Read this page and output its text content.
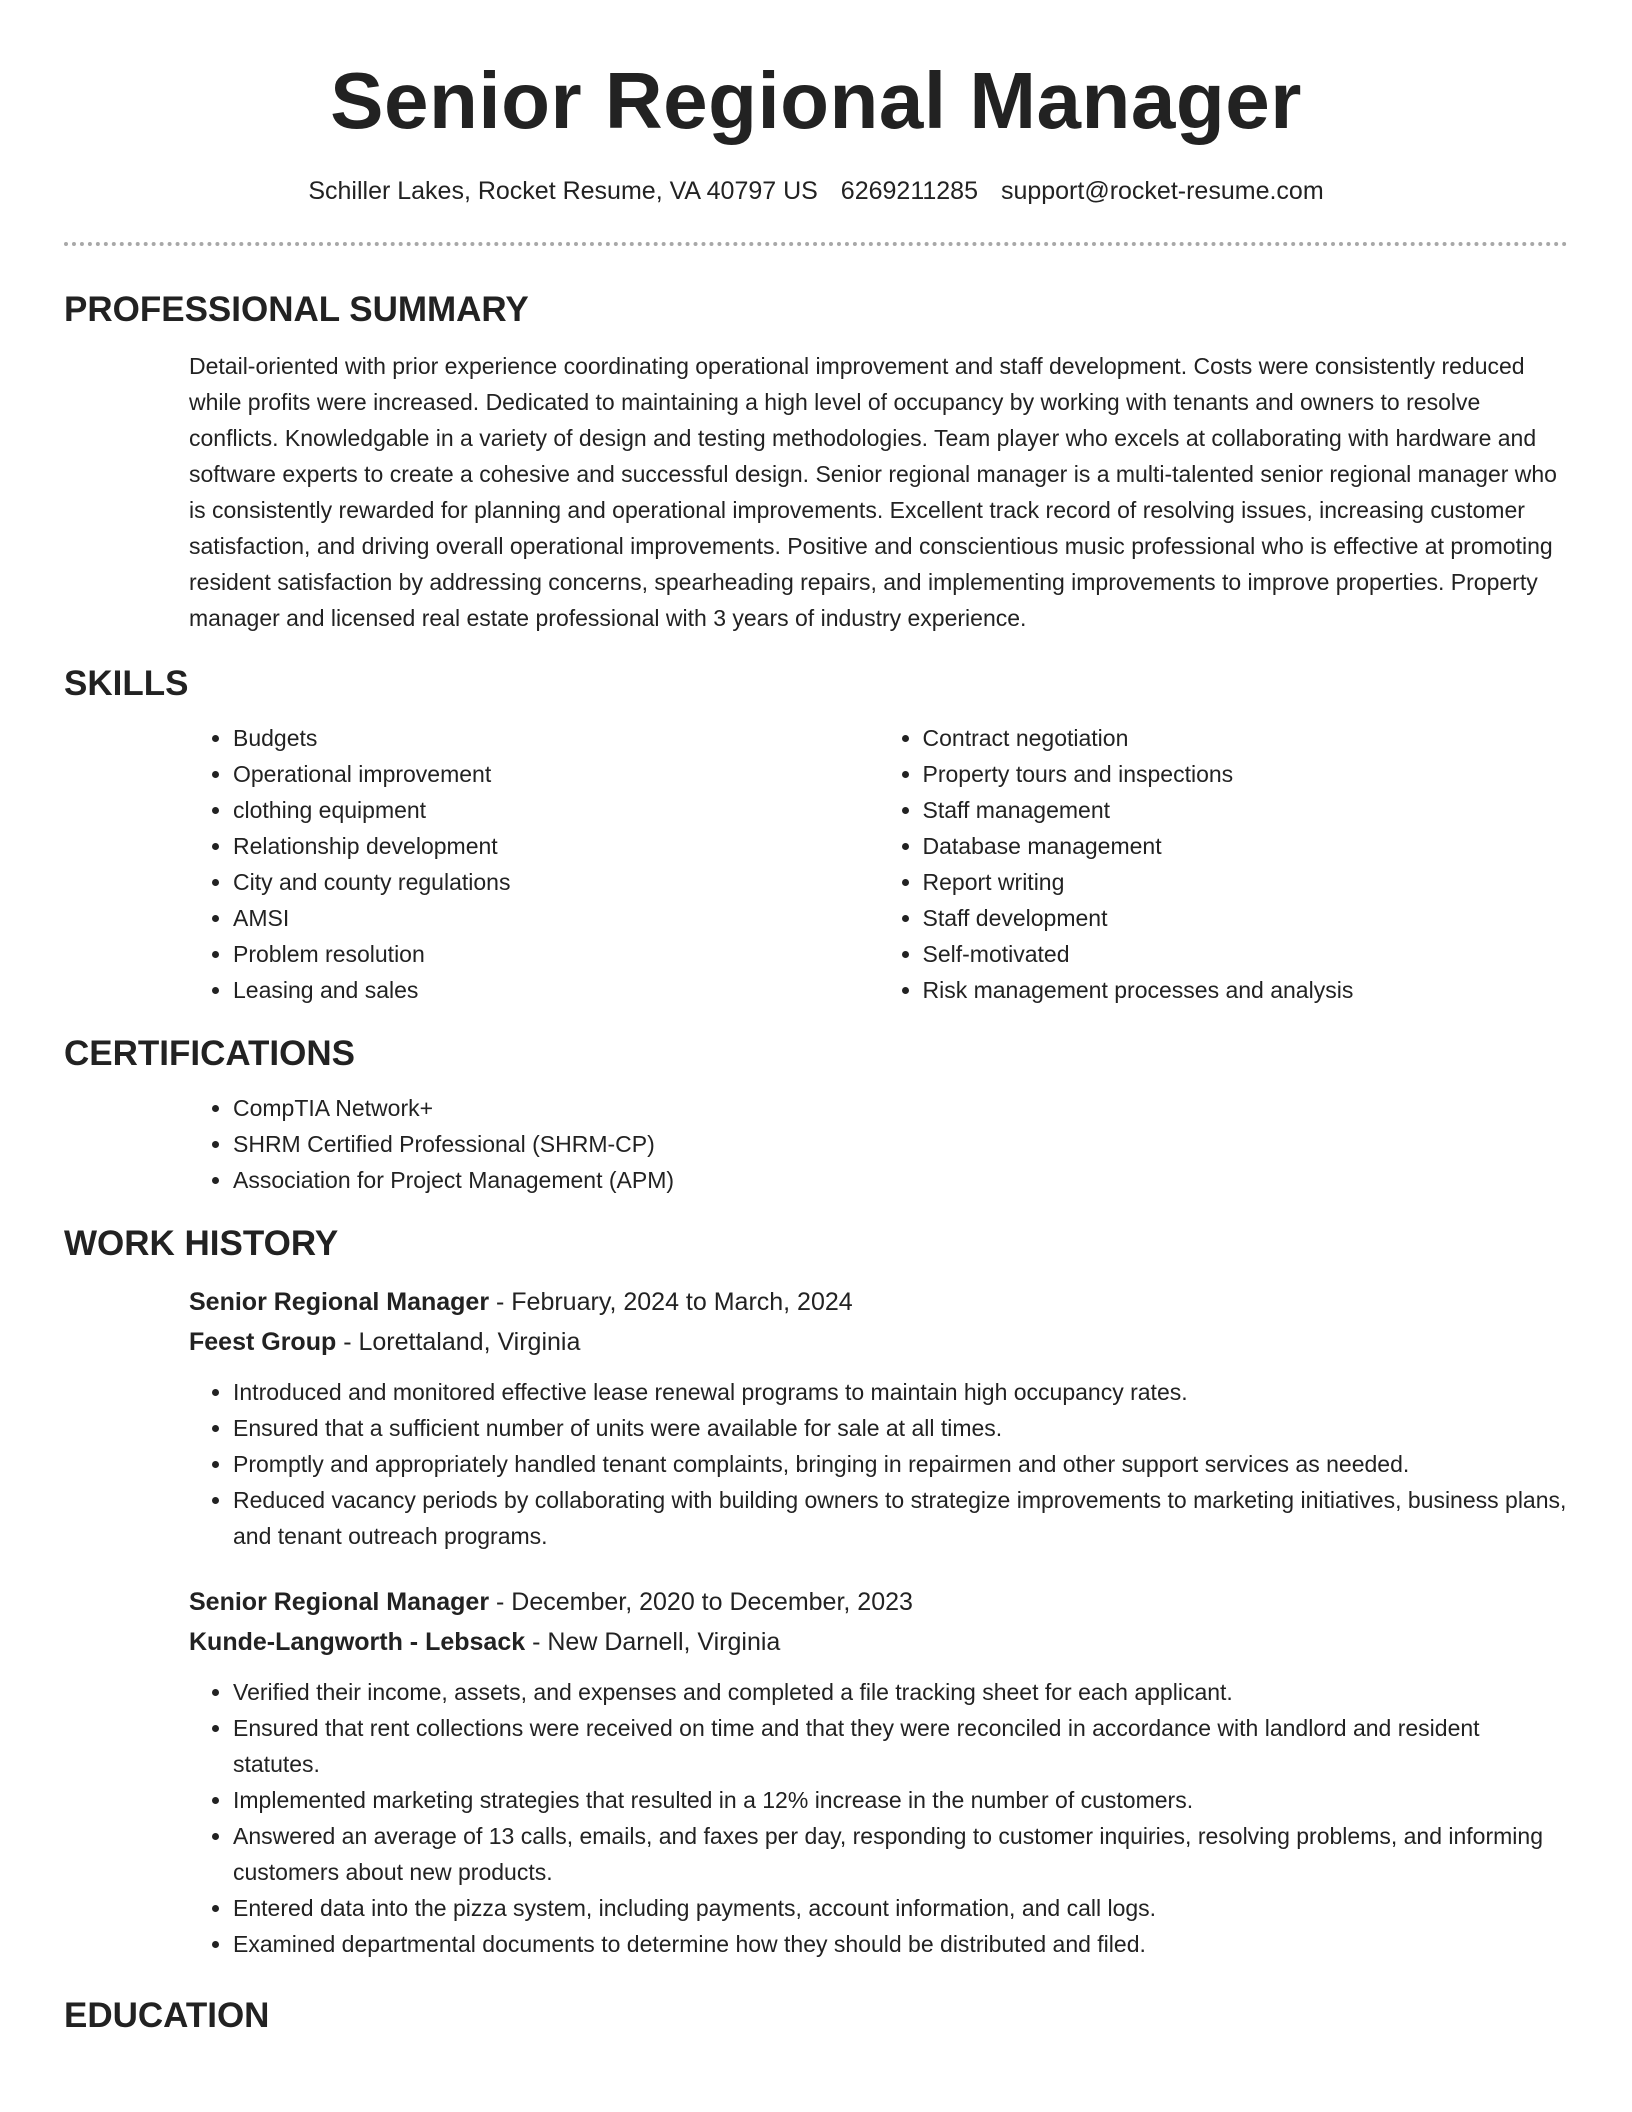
Senior Regional Manager
Schiller Lakes, Rocket Resume, VA 40797 US 6269211285 support@rocket-resume.com
PROFESSIONAL SUMMARY
Detail-oriented with prior experience coordinating operational improvement and staff development. Costs were consistently reduced while profits were increased. Dedicated to maintaining a high level of occupancy by working with tenants and owners to resolve conflicts. Knowledgable in a variety of design and testing methodologies. Team player who excels at collaborating with hardware and software experts to create a cohesive and successful design. Senior regional manager is a multi-talented senior regional manager who is consistently rewarded for planning and operational improvements. Excellent track record of resolving issues, increasing customer satisfaction, and driving overall operational improvements. Positive and conscientious music professional who is effective at promoting resident satisfaction by addressing concerns, spearheading repairs, and implementing improvements to improve properties. Property manager and licensed real estate professional with 3 years of industry experience.
SKILLS
• Budgets
• Operational improvement
• clothing equipment
• Relationship development
• City and county regulations
• AMSI
• Problem resolution
• Leasing and sales
• Contract negotiation
• Property tours and inspections
• Staff management
• Database management
• Report writing
• Staff development
• Self-motivated
• Risk management processes and analysis
CERTIFICATIONS
• CompTIA Network+
• SHRM Certified Professional (SHRM-CP)
• Association for Project Management (APM)
WORK HISTORY
Senior Regional Manager - February, 2024 to March, 2024
Feest Group - Lorettaland, Virginia
• Introduced and monitored effective lease renewal programs to maintain high occupancy rates.
• Ensured that a sufficient number of units were available for sale at all times.
• Promptly and appropriately handled tenant complaints, bringing in repairmen and other support services as needed.
• Reduced vacancy periods by collaborating with building owners to strategize improvements to marketing initiatives, business plans, and tenant outreach programs.
Senior Regional Manager - December, 2020 to December, 2023
Kunde-Langworth - Lebsack - New Darnell, Virginia
• Verified their income, assets, and expenses and completed a file tracking sheet for each applicant.
• Ensured that rent collections were received on time and that they were reconciled in accordance with landlord and resident statutes.
• Implemented marketing strategies that resulted in a 12% increase in the number of customers.
• Answered an average of 13 calls, emails, and faxes per day, responding to customer inquiries, resolving problems, and informing customers about new products.
• Entered data into the pizza system, including payments, account information, and call logs.
• Examined departmental documents to determine how they should be distributed and filed.
EDUCATION
